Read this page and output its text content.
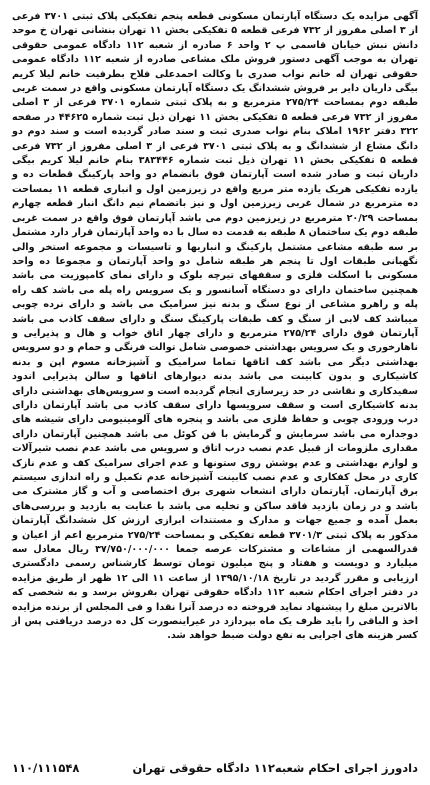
آگهی مزایده یک دستگاه آپارتمان مسکونی قطعه پنجم تفکیکی پلاک ثبتی ۳۷۰۱ فرعی از ۳ اصلی مفروز از ۷۳۲ فرعی قطعه ۵ تفکیکی بخش ۱۱ تهران بنشانی تهران خ موحد دانش نبش خیابان قاسمی پ ۲ واحد ۶ صادره از شعبه ۱۱۲ دادگاه عمومی حقوقی تهران به موجب آگهی دستور فروش ملک مشاعی صادره از شعبه ۱۱۲ دادگاه عمومی حقوقی تهران له خانم نواب صدری با وکالت احمدعلی فلاح بطرفیت خانم لیلا کریم بیگی داریان دایر بر فروش ششدانگ یک دستگاه آپارتمان مسکونی واقع در سمت غربی طبقه دوم بمساحت ۲۷۵/۲۴ مترمربع و به پلاک ثبتی شماره ۳۷۰۱ فرعی از ۳ اصلی مفروز از ۷۳۲ فرعی قطعه ۵ تفکیکی بخش ۱۱ تهران ذیل ثبت شماره ۴۴۶۲۵ در صفحه ۳۲۲ دفتر ۱۹۶۲ املاک بنام نواب صدری ثبت و سند صادر گردیده است و سند دوم دو دانگ مشاع از ششدانگ و به پلاک ثبتی ۳۷۰۱ فرعی از ۳ اصلی مفروز از ۷۳۲ فرعی قطعه ۵ تفکیکی بخش ۱۱ تهران ذیل ثبت شماره ۳۸۳۴۴۶ بنام خانم لیلا کریم بیگی داریان ثبت و صادر شده است آپارتمان فوق بانضمام دو واحد پارکینگ قطعات ده و یازده تفکیکی هریک یازده متر مربع واقع در زیرزمین اول و انباری قطعه ۱۱ بمساحت ده مترمربع در شمال غربی زیرزمین اول و نیز باتضمام نیم دانگ انبار قطعه چهارم بمساحت ۲۰/۲۹ مترمربع در زیرزمین دوم می باشد آپارتمان فوق واقع در سمت غربی طبقه دوم یک ساختمان ۸ طبقه به قدمت ده سال با ده واحد آپارتمان قرار دارد مشتمل بر سه طبقه مشاعی مشتمل پارکینگ و انباریها و تاسیسات و مجموعه استخر والی نگهبانی طبقات اول تا پنجم هر طبقه شامل دو واحد آپارتمان و مجموعا ده واحد مسکونی با اسکلت فلزی و سقفهای تیرچه بلوک و دارای نمای کامپوزیت می باشد همچنین ساختمان دارای دو دستگاه آسانسور و یک سرویس راه پله می باشد کف راه پله و راهرو مشاعی از نوع سنگ و بدنه نیز سرامیک می باشد و دارای نرده چوبی میباشد کف لابی از سنگ و کف طبقات پارکینگ سنگ و دارای سقف کاذب می باشد آپارتمان فوق دارای ۲۷۵/۲۴ مترمربع و دارای چهار اتاق خواب و هال و پذیرایی و ناهارخوری و یک سرویس بهداشتی خصوصی شامل توالت فرنگی و حمام و دو سرویس بهداشتی دیگر می باشد کف اتاقها تماما سرامیک و آشپزخانه مسوم اپن و بدنه کاشیکاری و بدون کابینت می باشد بدنه دیوارهای اتاقها و سالن پذیرایی اندود سفیدکاری و نقاشی در حد زیرسازی انجام گردیده است و سرویس‌های بهداشتی دارای بدنه کاشیکاری است و سقف سرویسها دارای سقف کاذب می باشد آپارتمان دارای درب ورودی چوبی و حفاظ فلزی می باشد و پنجره های آلومینیومی دارای شیشه های دوجداره می باشد سرمایش و گرمایش با فن کوئل می باشد همچنین آپارتمان دارای مقداری ملزومات از قبیل عدم نصب درب اتاق و سرویس می باشد عدم نصب شیرآلات و لوازم بهداشتی و عدم پوشش روی ستونها و عدم اجرای سرامیک کف و عدم نازک کاری در محل کفکاری و عدم نصب کابینت آشپزخانه عدم تکمیل و راه اندازی سیستم برق آپارتمان. آپارتمان دارای انشعاب شهری برق اختصاصی و آب و گاز مشترک می باشد و در زمان بازدید فاقد ساکن و تخلیه می باشد با عنایت به بازدید و بررسی‌های بعمل آمده و جمیع جهات و مدارک و مستندات ابرازی ارزش کل ششدانگ آپارتمان مذکور به پلاک ثبتی ۳۷۰۱/۳ قطعه تفکیکی و بمساحت ۲۷۵/۲۴ مترمربع اعم از اعیان و قدرالسهمی از مشاعات و مشترکات عرصه جمعا ۳۷/۷۵۰/۰۰۰/۰۰۰ ریال معادل سه میلیارد و دویست و هفتاد و پنج میلیون تومان توسط کارشناس رسمی دادگستری ارزیابی و مقرر گردید در تاریخ ۱۳۹۵/۱۰/۱۸ از ساعت ۱۱ الی ۱۲ ظهر از طریق مزایده در دفتر اجرای احکام شعبه ۱۱۲ دادگاه حقوقی تهران بفروش برسد و به شخصی که بالاترین مبلغ را پیشنهاد نماید فروخته ده درصد آنرا نقدا و فی المجلس از برنده مزایده اخذ و الباقی را باید ظرف یک ماه بپردازد در غیراینصورت کل ده درصد دریافتی پس از کسر هزینه های اجرایی به نفع دولت ضبط خواهد شد.

دادورز اجرای احکام شعبه۱۱۲ دادگاه حقوقی تهران
۱۱۰/۱۱۱۵۴۸
